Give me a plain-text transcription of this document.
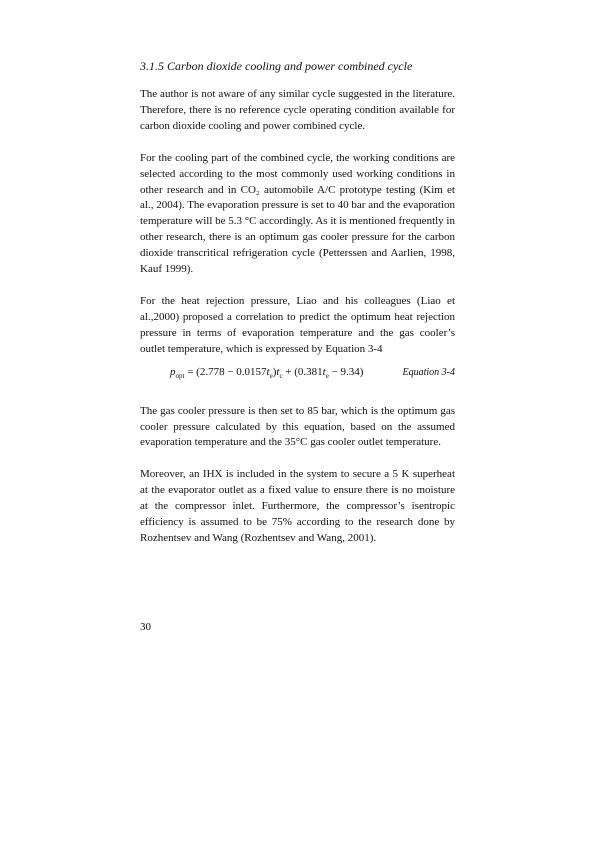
3.1.5 Carbon dioxide cooling and power combined cycle

The author is not aware of any similar cycle suggested in the literature. Therefore, there is no reference cycle operating condition available for carbon dioxide cooling and power combined cycle.

For the cooling part of the combined cycle, the working conditions are selected according to the most commonly used working conditions in other research and in CO₂ automobile A/C prototype testing (Kim et al., 2004). The evaporation pressure is set to 40 bar and the evaporation temperature will be 5.3 °C accordingly. As it is mentioned frequently in other research, there is an optimum gas cooler pressure for the carbon dioxide transcritical refrigeration cycle (Petterssen and Aarlien, 1998, Kauf 1999).

For the heat rejection pressure, Liao and his colleagues (Liao et al.,2000) proposed a correlation to predict the optimum heat rejection pressure in terms of evaporation temperature and the gas cooler’s outlet temperature, which is expressed by Equation 3-4

$p_{opt} = (2.778 - 0.0157t_e)t_c + (0.381t_e - 9.34)$	Equation 3-4

The gas cooler pressure is then set to 85 bar, which is the optimum gas cooler pressure calculated by this equation, based on the assumed evaporation temperature and the 35°C gas cooler outlet temperature.

Moreover, an IHX is included in the system to secure a 5 K superheat at the evaporator outlet as a fixed value to ensure there is no moisture at the compressor inlet. Furthermore, the compressor’s isentropic efficiency is assumed to be 75% according to the research done by Rozhentsev and Wang (Rozhentsev and Wang, 2001).

30
